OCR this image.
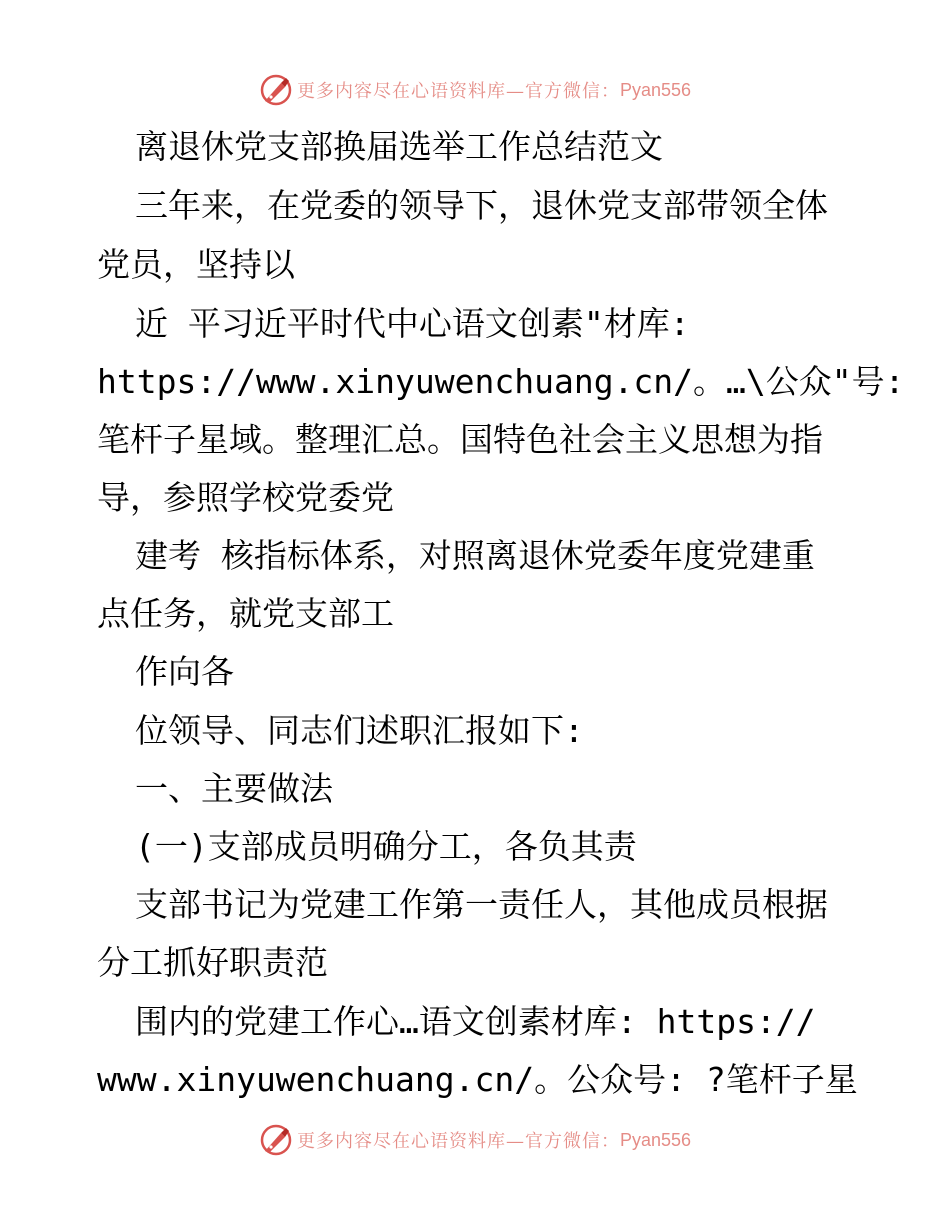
更多内容尽在心语资料库—官方微信： Pyan556
离退休党支部换届选举工作总结范文
三年来，在党委的领导下，退休党支部带领全体
党员，坚持以
近 平习近平时代中心语文创素"材库:
https://www.xinyuwenchuang.cn/。…\公众"号:
笔杆子星域。整理汇总。国特色社会主义思想为指
导，参照学校党委党
建考 核指标体系，对照离退休党委年度党建重
点任务，就党支部工
作向各
位领导、同志们述职汇报如下:
一、主要做法
(一)支部成员明确分工，各负其责
支部书记为党建工作第一责任人，其他成员根据
分工抓好职责范
围内的党建工作心…语文创素材库: https://
www.xinyuwenchuang.cn/。公众号: ?笔杆子星
更多内容尽在心语资料库—官方微信： Pyan556
